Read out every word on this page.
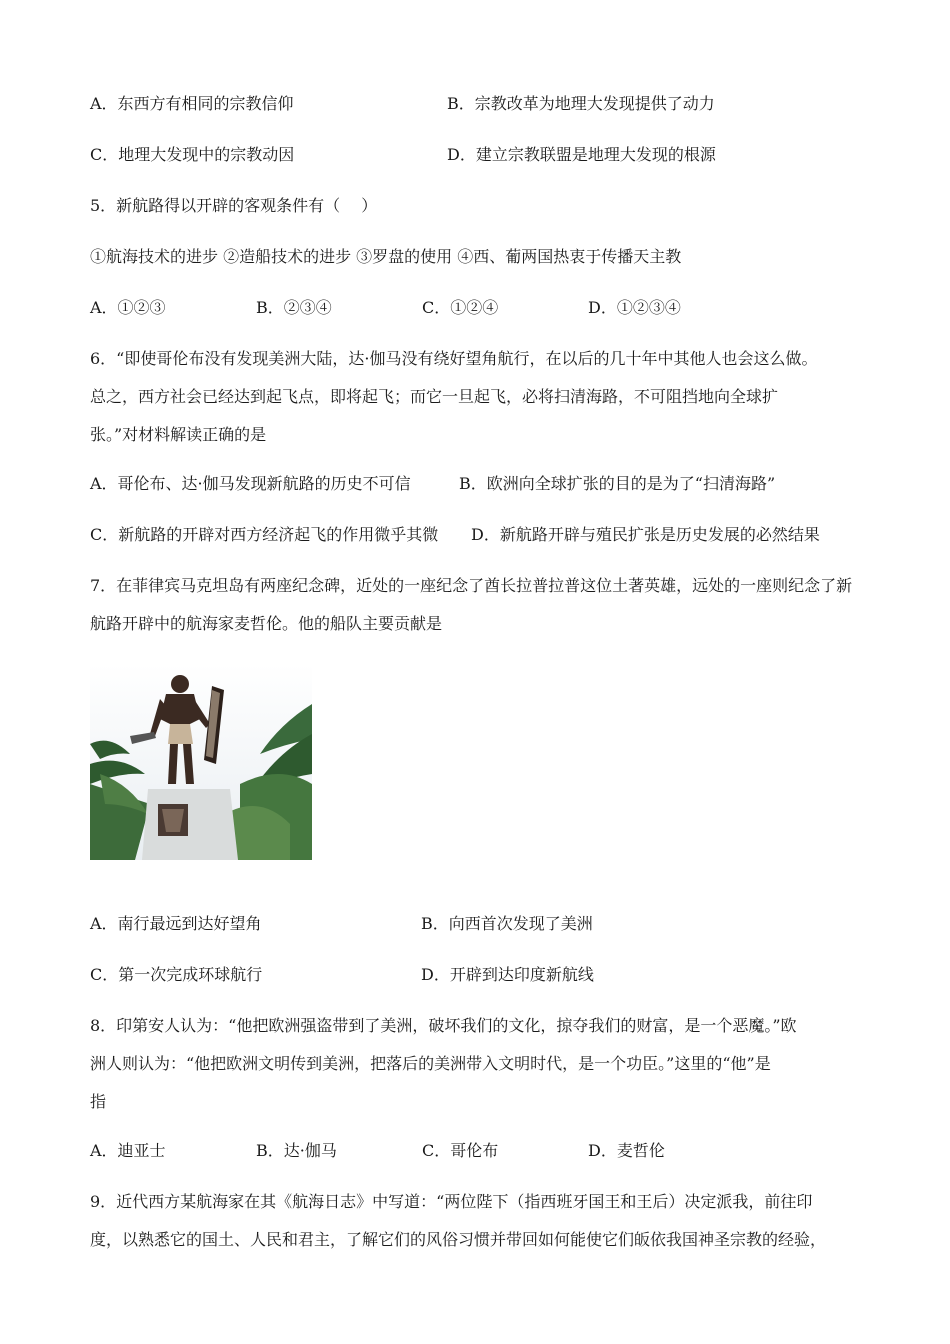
A．东西方有相同的宗教信仰	B．宗教改革为地理大发现提供了动力
C．地理大发现中的宗教动因	D．建立宗教联盟是地理大发现的根源
5．新航路得以开辟的客观条件有（　 ）
①航海技术的进步 ②造船技术的进步 ③罗盘的使用 ④西、葡两国热衷于传播天主教
A．①②③	B．②③④	C．①②④	D．①②③④
6．“即使哥伦布没有发现美洲大陆，达·伽马没有绕好望角航行，在以后的几十年中其他人也会这么做。
总之，西方社会已经达到起飞点，即将起飞；而它一旦起飞，必将扫清海路，不可阻挡地向全球扩
张。”对材料解读正确的是
A．哥伦布、达·伽马发现新航路的历史不可信	B．欧洲向全球扩张的目的是为了“扫清海路”
C．新航路的开辟对西方经济起飞的作用微乎其微 D．新航路开辟与殖民扩张是历史发展的必然结果
7．在菲律宾马克坦岛有两座纪念碑，近处的一座纪念了酋长拉普拉普这位土著英雄，远处的一座则纪念了新
航路开辟中的航海家麦哲伦。他的船队主要贡献是
A．南行最远到达好望角	B．向西首次发现了美洲
C．第一次完成环球航行	D．开辟到达印度新航线
8．印第安人认为：“他把欧洲强盗带到了美洲，破坏我们的文化，掠夺我们的财富，是一个恶魔。”欧
洲人则认为：“他把欧洲文明传到美洲，把落后的美洲带入文明时代，是一个功臣。”这里的“他”是
指
A．迪亚士	B．达·伽马	C．哥伦布	D．麦哲伦
9．近代西方某航海家在其《航海日志》中写道：“两位陛下（指西班牙国王和王后）决定派我，前往印
度，以熟悉它的国土、人民和君主，了解它们的风俗习惯并带回如何能使它们皈依我国神圣宗教的经验，
